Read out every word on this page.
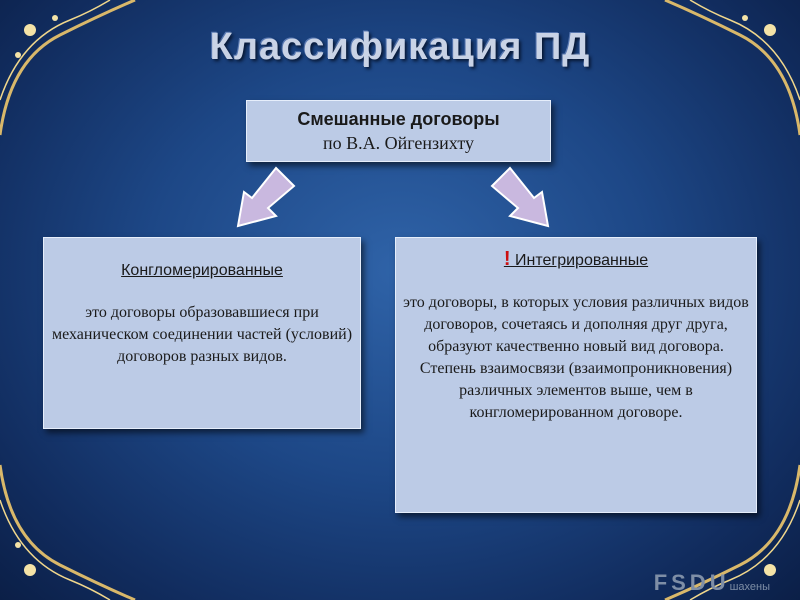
Классификация ПД
Смешанные договоры
по В.А. Ойгензихту
Конгломерированные
это договоры образовавшиеся при механическом соединении частей (условий) договоров разных видов.
! Интегрированные
это договоры, в которых условия различных видов договоров, сочетаясь и дополняя друг друга, образуют качественно новый вид договора. Степень взаимосвязи (взаимопроникновения) различных элементов выше, чем в конгломерированном договоре.
FSDUшахены
